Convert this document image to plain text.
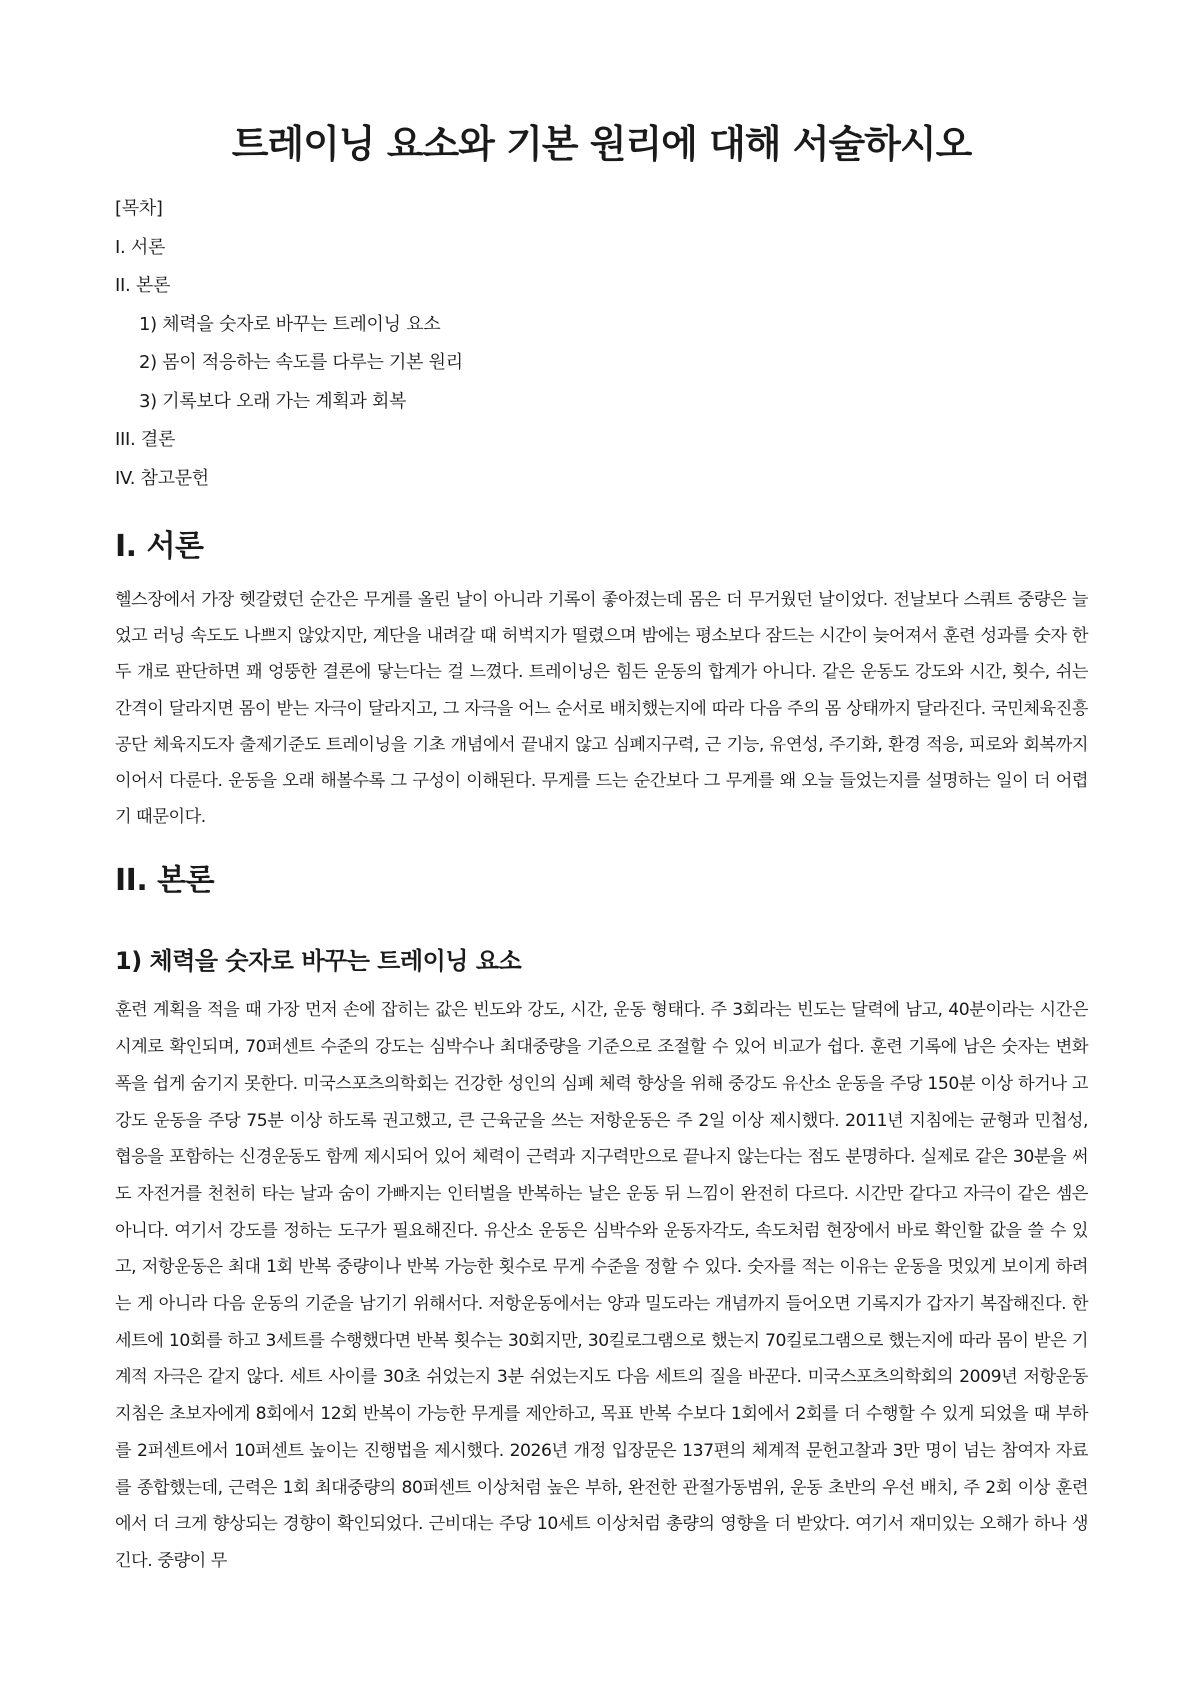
트레이닝 요소와 기본 원리에 대해 서술하시오
[목차]
I. 서론
II. 본론
1) 체력을 숫자로 바꾸는 트레이닝 요소
2) 몸이 적응하는 속도를 다루는 기본 원리
3) 기록보다 오래 가는 계획과 회복
III. 결론
IV. 참고문헌
I. 서론

헬스장에서 가장 헷갈렸던 순간은 무게를 올린 날이 아니라 기록이 좋아졌는데 몸은 더 무거웠던 날이었다. 전날보다 스쿼트 중량은 늘었고 러닝 속도도 나쁘지 않았지만, 계단을 내려갈 때 허벅지가 떨렸으며 밤에는 평소보다 잠드는 시간이 늦어져서 훈련 성과를 숫자 한두 개로 판단하면 꽤 엉뚱한 결론에 닿는다는 걸 느꼈다. 트레이닝은 힘든 운동의 합계가 아니다. 같은 운동도 강도와 시간, 횟수, 쉬는 간격이 달라지면 몸이 받는 자극이 달라지고, 그 자극을 어느 순서로 배치했는지에 따라 다음 주의 몸 상태까지 달라진다. 국민체육진흥공단 체육지도자 출제기준도 트레이닝을 기초 개념에서 끝내지 않고 심폐지구력, 근 기능, 유연성, 주기화, 환경 적응, 피로와 회복까지 이어서 다룬다. 운동을 오래 해볼수록 그 구성이 이해된다. 무게를 드는 순간보다 그 무게를 왜 오늘 들었는지를 설명하는 일이 더 어렵기 때문이다.

II. 본론
1) 체력을 숫자로 바꾸는 트레이닝 요소

훈련 계획을 적을 때 가장 먼저 손에 잡히는 값은 빈도와 강도, 시간, 운동 형태다. 주 3회라는 빈도는 달력에 남고, 40분이라는 시간은 시계로 확인되며, 70퍼센트 수준의 강도는 심박수나 최대중량을 기준으로 조절할 수 있어 비교가 쉽다. 훈련 기록에 남은 숫자는 변화 폭을 쉽게 숨기지 못한다. 미국스포츠의학회는 건강한 성인의 심폐 체력 향상을 위해 중강도 유산소 운동을 주당 150분 이상 하거나 고강도 운동을 주당 75분 이상 하도록 권고했고, 큰 근육군을 쓰는 저항운동은 주 2일 이상 제시했다. 2011년 지침에는 균형과 민첩성, 협응을 포함하는 신경운동도 함께 제시되어 있어 체력이 근력과 지구력만으로 끝나지 않는다는 점도 분명하다. 실제로 같은 30분을 써도 자전거를 천천히 타는 날과 숨이 가빠지는 인터벌을 반복하는 날은 운동 뒤 느낌이 완전히 다르다. 시간만 같다고 자극이 같은 셈은 아니다. 여기서 강도를 정하는 도구가 필요해진다. 유산소 운동은 심박수와 운동자각도, 속도처럼 현장에서 바로 확인할 값을 쓸 수 있고, 저항운동은 최대 1회 반복 중량이나 반복 가능한 횟수로 무게 수준을 정할 수 있다. 숫자를 적는 이유는 운동을 멋있게 보이게 하려는 게 아니라 다음 운동의 기준을 남기기 위해서다. 저항운동에서는 양과 밀도라는 개념까지 들어오면 기록지가 갑자기 복잡해진다. 한 세트에 10회를 하고 3세트를 수행했다면 반복 횟수는 30회지만, 30킬로그램으로 했는지 70킬로그램으로 했는지에 따라 몸이 받은 기계적 자극은 같지 않다. 세트 사이를 30초 쉬었는지 3분 쉬었는지도 다음 세트의 질을 바꾼다. 미국스포츠의학회의 2009년 저항운동 지침은 초보자에게 8회에서 12회 반복이 가능한 무게를 제안하고, 목표 반복 수보다 1회에서 2회를 더 수행할 수 있게 되었을 때 부하를 2퍼센트에서 10퍼센트 높이는 진행법을 제시했다. 2026년 개정 입장문은 137편의 체계적 문헌고찰과 3만 명이 넘는 참여자 자료를 종합했는데, 근력은 1회 최대중량의 80퍼센트 이상처럼 높은 부하, 완전한 관절가동범위, 운동 초반의 우선 배치, 주 2회 이상 훈련에서 더 크게 향상되는 경향이 확인되었다. 근비대는 주당 10세트 이상처럼 총량의 영향을 더 받았다. 여기서 재미있는 오해가 하나 생긴다. 중량이 무
